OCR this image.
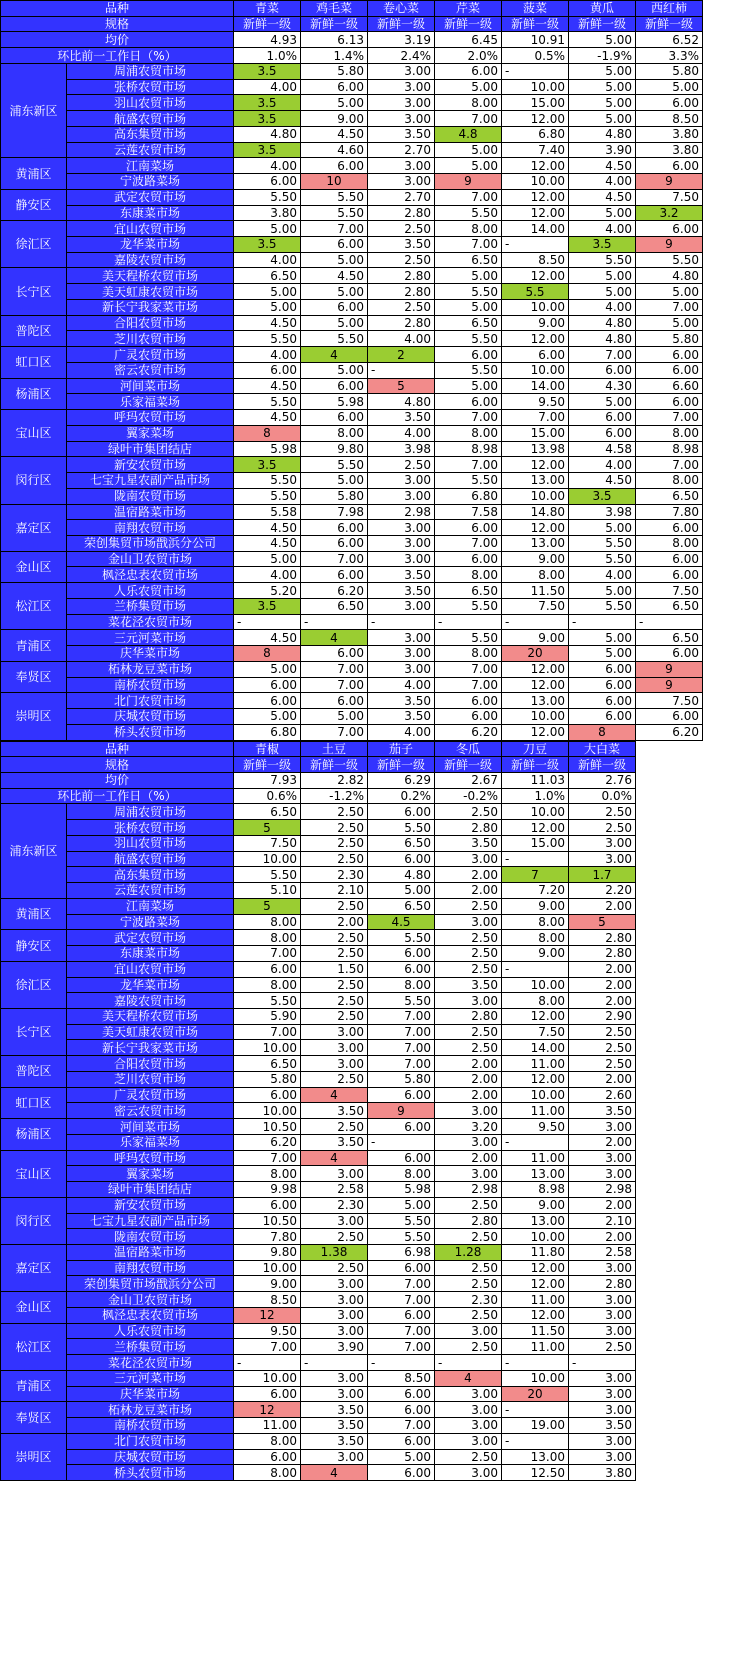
品种		青菜	鸡毛菜	卷心菜	芹菜	菠菜	黄瓜	西红柿
规格		新鲜一级	新鲜一级	新鲜一级	新鲜一级	新鲜一级	新鲜一级	新鲜一级
均价		4.93	6.13	3.19	6.45	10.91	5.00	6.52
环比前一工作日（%）		1.0%	1.4%	2.4%	2.0%	0.5%	-1.9%	3.3%
浦东新区	周浦农贸市场	3.5	5.80	3.00	6.00	-	5.00	5.80
	张桥农贸市场	4.00	6.00	3.00	5.00	10.00	5.00	5.00
	羽山农贸市场	3.5	5.00	3.00	8.00	15.00	5.00	6.00
	航盛农贸市场	3.5	9.00	3.00	7.00	12.00	5.00	8.50
	高东集贸市场	4.80	4.50	3.50	4.8	6.80	4.80	3.80
	云莲农贸市场	3.5	4.60	2.70	5.00	7.40	3.90	3.80
黄浦区	江南菜场	4.00	6.00	3.00	5.00	12.00	4.50	6.00
	宁波路菜场	6.00	10	3.00	9	10.00	4.00	9
静安区	武定农贸市场	5.50	5.50	2.70	7.00	12.00	4.50	7.50
	东康菜市场	3.80	5.50	2.80	5.50	12.00	5.00	3.2
徐汇区	宜山农贸市场	5.00	7.00	2.50	8.00	14.00	4.00	6.00
	龙华菜市场	3.5	6.00	3.50	7.00	-	3.5	9
	嘉陵农贸市场	4.00	5.00	2.50	6.50	8.50	5.50	5.50
长宁区	美天程桥农贸市场	6.50	4.50	2.80	5.00	12.00	5.00	4.80
	美天虹康农贸市场	5.00	5.00	2.80	5.50	5.5	5.00	5.00
	新长宁我家菜市场	5.00	6.00	2.50	5.00	10.00	4.00	7.00
普陀区	合阳农贸市场	4.50	5.00	2.80	6.50	9.00	4.80	5.00
	芝川农贸市场	5.50	5.50	4.00	5.50	12.00	4.80	5.80
虹口区	广灵农贸市场	4.00	4	2	6.00	6.00	7.00	6.00
	密云农贸市场	6.00	5.00	-	5.50	10.00	6.00	6.00
杨浦区	河间菜市场	4.50	6.00	5	5.00	14.00	4.30	6.60
	乐家福菜场	5.50	5.98	4.80	6.00	9.50	5.00	6.00
宝山区	呼玛农贸市场	4.50	6.00	3.50	7.00	7.00	6.00	7.00
	翼家菜场	8	8.00	4.00	8.00	15.00	6.00	8.00
	绿叶市集团结店	5.98	9.80	3.98	8.98	13.98	4.58	8.98
闵行区	新安农贸市场	3.5	5.50	2.50	7.00	12.00	4.00	7.00
	七宝九星农副产品市场	5.50	5.00	3.00	5.50	13.00	4.50	8.00
	陇南农贸市场	5.50	5.80	3.00	6.80	10.00	3.5	6.50
嘉定区	温宿路菜市场	5.58	7.98	2.98	7.58	14.80	3.98	7.80
	南翔农贸市场	4.50	6.00	3.00	6.00	12.00	5.00	6.00
	荣创集贸市场戬浜分公司	4.50	6.00	3.00	7.00	13.00	5.50	8.00
金山区	金山卫农贸市场	5.00	7.00	3.00	6.00	9.00	5.50	6.00
	枫泾忠表农贸市场	4.00	6.00	3.50	8.00	8.00	4.00	6.00
松江区	人乐农贸市场	5.20	6.20	3.50	6.50	11.50	5.00	7.50
	兰桥集贸市场	3.5	6.50	3.00	5.50	7.50	5.50	6.50
	菜花泾农贸市场	-	-	-	-	-	-	-
青浦区	三元河菜市场	4.50	4	3.00	5.50	9.00	5.00	6.50
	庆华菜市场	8	6.00	3.00	8.00	20	5.00	6.00
奉贤区	柘林龙豆菜市场	5.00	7.00	3.00	7.00	12.00	6.00	9
	南桥农贸市场	6.00	7.00	4.00	7.00	12.00	6.00	9
崇明区	北门农贸市场	6.00	6.00	3.50	6.00	13.00	6.00	7.50
	庆城农贸市场	5.00	5.00	3.50	6.00	10.00	6.00	6.00
	桥头农贸市场	6.80	7.00	4.00	6.20	12.00	8	6.20
品种		青椒	土豆	茄子	冬瓜	刀豆	大白菜
规格		新鲜一级	新鲜一级	新鲜一级	新鲜一级	新鲜一级	新鲜一级
均价		7.93	2.82	6.29	2.67	11.03	2.76
环比前一工作日（%）		0.6%	-1.2%	0.2%	-0.2%	1.0%	0.0%
浦东新区	周浦农贸市场	6.50	2.50	6.00	2.50	10.00	2.50
	张桥农贸市场	5	2.50	5.50	2.80	12.00	2.50
	羽山农贸市场	7.50	2.50	6.50	3.50	15.00	3.00
	航盛农贸市场	10.00	2.50	6.00	3.00	-	3.00
	高东集贸市场	5.50	2.30	4.80	2.00	7	1.7
	云莲农贸市场	5.10	2.10	5.00	2.00	7.20	2.20
黄浦区	江南菜场	5	2.50	6.50	2.50	9.00	2.00
	宁波路菜场	8.00	2.00	4.5	3.00	8.00	5
静安区	武定农贸市场	8.00	2.50	5.50	2.50	8.00	2.80
	东康菜市场	7.00	2.50	6.00	2.50	9.00	2.80
徐汇区	宜山农贸市场	6.00	1.50	6.00	2.50	-	2.00
	龙华菜市场	8.00	2.50	8.00	3.50	10.00	2.00
	嘉陵农贸市场	5.50	2.50	5.50	3.00	8.00	2.00
长宁区	美天程桥农贸市场	5.90	2.50	7.00	2.80	12.00	2.90
	美天虹康农贸市场	7.00	3.00	7.00	2.50	7.50	2.50
	新长宁我家菜市场	10.00	3.00	7.00	2.50	14.00	2.50
普陀区	合阳农贸市场	6.50	3.00	7.00	2.00	11.00	2.50
	芝川农贸市场	5.80	2.50	5.80	2.00	12.00	2.00
虹口区	广灵农贸市场	6.00	4	6.00	2.00	10.00	2.60
	密云农贸市场	10.00	3.50	9	3.00	11.00	3.50
杨浦区	河间菜市场	10.50	2.50	6.00	3.20	9.50	3.00
	乐家福菜场	6.20	3.50	-	3.00	-	2.00
宝山区	呼玛农贸市场	7.00	4	6.00	2.00	11.00	3.00
	翼家菜场	8.00	3.00	8.00	3.00	13.00	3.00
	绿叶市集团结店	9.98	2.58	5.98	2.98	8.98	2.98
闵行区	新安农贸市场	6.00	2.30	5.00	2.50	9.00	2.00
	七宝九星农副产品市场	10.50	3.00	5.50	2.80	13.00	2.10
	陇南农贸市场	7.80	2.50	5.50	2.50	10.00	2.00
嘉定区	温宿路菜市场	9.80	1.38	6.98	1.28	11.80	2.58
	南翔农贸市场	10.00	2.50	6.00	2.50	12.00	3.00
	荣创集贸市场戬浜分公司	9.00	3.00	7.00	2.50	12.00	2.80
金山区	金山卫农贸市场	8.50	3.00	7.00	2.30	11.00	3.00
	枫泾忠表农贸市场	12	3.00	6.00	2.50	12.00	3.00
松江区	人乐农贸市场	9.50	3.00	7.00	3.00	11.50	3.00
	兰桥集贸市场	7.00	3.90	7.00	2.50	11.00	2.50
	菜花泾农贸市场	-	-	-	-	-	-
青浦区	三元河菜市场	10.00	3.00	8.50	4	10.00	3.00
	庆华菜市场	6.00	3.00	6.00	3.00	20	3.00
奉贤区	柘林龙豆菜市场	12	3.50	6.00	3.00	-	3.00
	南桥农贸市场	11.00	3.50	7.00	3.00	19.00	3.50
崇明区	北门农贸市场	8.00	3.50	6.00	3.00	-	3.00
	庆城农贸市场	6.00	3.00	5.00	2.50	13.00	3.00
	桥头农贸市场	8.00	4	6.00	3.00	12.50	3.80
